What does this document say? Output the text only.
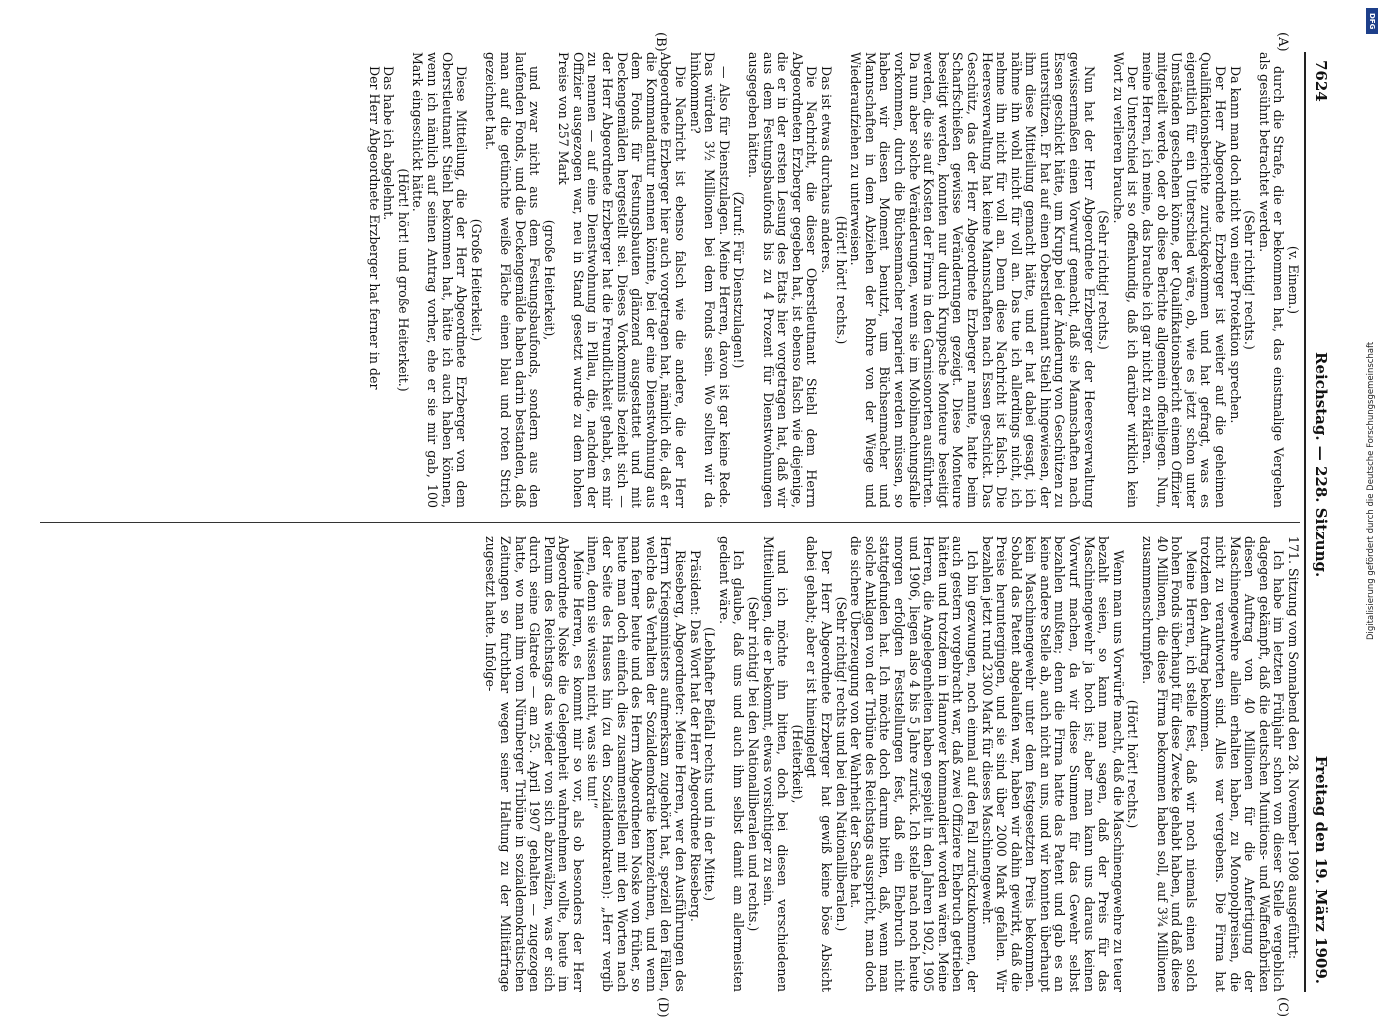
7624
Reichstag. — 228. Sitzung.
Freitag den 19. März 1909.
(A)
(B)
(C)
(D)

(v. Einem.)

durch die Strafe, die er bekommen hat, das einstmalige Vergehen als gesühnt betrachtet werden.

(Sehr richtig! rechts.)

Da kann man doch nicht von einer Protektion sprechen.

Der Herr Abgeordnete Erzberger ist weiter auf die geheimen Qualifikationsberichte zurückgekommen und hat gefragt, was es eigentlich für ein Unterschied wäre, ob, wie es jetzt schon unter Umständen geschehen könne, der Qualifikationsbericht einem Offizier mitgeteilt werde, oder ob diese Berichte allgemein offenliegen. Nun, meine Herren, ich meine, das brauche ich gar nicht zu erklären.

Der Unterschied ist so offenkundig, daß ich darüber wirklich kein Wort zu verlieren brauche.

(Sehr richtig! rechts.)

Nun hat der Herr Abgeordnete Erzberger der Heeresverwaltung gewissermaßen einen Vorwurf gemacht, daß sie Mannschaften nach Essen geschickt hätte, um Krupp bei der Änderung von Geschützen zu unterstützen. Er hat auf einen Oberstleutnant Stiehl hingewiesen, der ihm diese Mitteilung gemacht hätte, und er hat dabei gesagt, ich nähme ihn wohl nicht für voll an. Das tue ich allerdings nicht, ich nehme ihn nicht für voll an. Denn diese Nachricht ist falsch. Die Heeresverwaltung hat keine Mannschaften nach Essen geschickt. Das Geschütz, das der Herr Abgeordnete Erzberger nannte, hatte beim Scharfschießen gewisse Veränderungen gezeigt. Diese Monteure beseitigt werden, konnten nur durch Kruppsche Monteure beseitigt werden, die sie auf Kosten der Firma in den Garnisonorten ausführten. Da nun aber solche Veränderungen, wenn sie im Mobilmachungsfalle vorkommen, durch die Büchsenmacher repariert werden müssen, so haben wir diesen Moment benutzt, um Büchsenmacher und Mannschaften in dem Abziehen der Rohre von der Wiege und Wiederaufziehen zu unterweisen.

(Hört! hört! rechts.)

Das ist etwas durchaus anderes.

Die Nachricht, die dieser Oberstleutnant Stiehl dem Herrn Abgeordneten Erzberger gegeben hat, ist ebenso falsch wie diejenige, die er in der ersten Lesung des Etats hier vorgetragen hat, daß wir aus dem Festungsbaufonds bis zu 4 Prozent für Dienstwohnungen ausgegeben hätten.

(Zuruf: Für Dienstzulagen!)

— Also für Dienstzulagen. Meine Herren, davon ist gar keine Rede. Das würden 3½ Millionen bei dem Fonds sein. Wo sollten wir da hinkommen?

Die Nachricht ist ebenso falsch wie die andere, die der Herr Abgeordnete Erzberger hier auch vorgetragen hat, nämlich die, daß er die Kommandantur nennen könnte, bei der eine Dienstwohnung aus dem Fonds für Festungsbauten glänzend ausgestattet und mit Deckengemälden hergestellt sei. Dieses Vorkommnis bezieht sich — der Herr Abgeordnete Erzberger hat die Freundlichkeit gehabt, es mir zu nennen — auf eine Dienstwohnung in Pillau, die, nachdem der Offizier ausgezogen war, neu in Stand gesetzt wurde zu dem hohen Preise von 257 Mark

(große Heiterkeit),

und zwar nicht aus dem Festungsbaufonds, sondern aus den laufenden Fonds, und die Deckengemälde haben darin bestanden, daß man auf die getünchte weiße Fläche einen blau und roten Strich gezeichnet hat.

(Große Heiterkeit.)

Diese Mitteilung, die der Herr Abgeordnete Erzberger von dem Oberstleutnant Stiehl bekommen hat, hätte ich auch haben können, wenn ich nämlich auf seinen Antrag vorher, ehe er sie mir gab, 100 Mark eingeschickt hätte.

(Hört! hört! und große Heiterkeit.)

Das habe ich abgelehnt.

Der Herr Abgeordnete Erzberger hat ferner in der

171. Sitzung vom Sonnabend den 28. November 1908 ausgeführt:

Ich habe im letzten Frühjahr schon von dieser Stelle vergeblich dagegen gekämpft, daß die deutschen Munitions- und Waffenfabriken diesen Auftrag von 40 Millionen für die Anfertigung der Maschinengewehre allein erhalten haben, zu Monopolpreisen, die nicht zu verantworten sind. Alles war vergebens. Die Firma hat trotzdem den Auftrag bekommen.

Meine Herren, ich stelle fest, daß wir noch niemals einen solch hohen Fonds überhaupt für diese Zwecke gehabt haben, und daß diese 40 Millionen, die diese Firma bekommen haben soll, auf 3¾ Millionen zusammenschrumpfen.

(Hört! hört! rechts.)

Wenn man uns Vorwürfe macht, daß die Maschinengewehre zu teuer bezahlt seien, so kann man sagen, daß der Preis für das Maschinengewehr ja hoch ist; aber man kann uns daraus keinen Vorwurf machen, da wir diese Summen für das Gewehr selbst bezahlen mußten; denn die Firma hatte das Patent und gab es an keine andere Stelle ab, auch nicht an uns, und wir konnten überhaupt kein Maschinengewehr unter dem festgesetzten Preis bekommen. Sobald das Patent abgelaufen war, haben wir dahin gewirkt, daß die Preise heruntergingen, und sie sind über 2000 Mark gefallen. Wir bezahlen jetzt rund 2300 Mark für dieses Maschinengewehr.

Ich bin gezwungen, noch einmal auf den Fall zurückzukommen, der auch gestern vorgebracht war, daß zwei Offiziere Ehebruch getrieben hätten und trotzdem in Hannover kommandiert worden wären. Meine Herren, die Angelegenheiten haben gespielt in den Jahren 1902, 1905 und 1906, liegen also 4 bis 5 Jahre zurück. Ich stelle nach noch heute morgen erfolgten Feststellungen fest, daß ein Ehebruch nicht stattgefunden hat. Ich möchte doch darum bitten, daß, wenn man solche Anklagen von der Tribüne des Reichstags ausspricht, man doch die sichere Überzeugung von der Wahrheit der Sache hat.

(Sehr richtig! rechts und bei den Nationalliberalen.)

Der Herr Abgeordnete Erzberger hat gewiß keine böse Absicht dabei gehabt; aber er ist hineingelegt

(Heiterkeit),

und ich möchte ihn bitten, doch bei diesen verschiedenen Mitteilungen, die er bekommt, etwas vorsichtiger zu sein.

(Sehr richtig! bei den Nationalliberalen und rechts.)

Ich glaube, daß uns und auch ihm selbst damit am allermeisten gedient wäre.

(Lebhafter Beifall rechts und in der Mitte.)

Präsident: Das Wort hat der Herr Abgeordnete Rieseberg.

Rieseberg, Abgeordneter: Meine Herren, wer den Ausführungen des Herrn Kriegsministers aufmerksam zugehört hat, speziell den Fällen, welche das Verhalten der Sozialdemokratie kennzeichnen, und wenn man ferner heute und des Herrn Abgeordneten Noske von früher, so heute man doch einfach dies zusammenstellen mit den Worten nach der Seite des Hauses hin (zu den Sozialdemokraten): „Herr vergib ihnen, denn sie wissen nicht, was sie tun!“

Meine Herren, es kommt mir so vor, als ob besonders der Herr Abgeordnete Noske die Gelegenheit wahrnehmen wollte, heute im Plenum des Reichstags das wieder von sich abzuwälzen, was er sich durch seine Glatrede — am 25. April 1907 gehalten — zugezogen hatte, wo man ihm vom Nürnberger Tribüne in sozialdemokratischen Zeitungen so furchtbar wegen seiner Haltung zu der Militärfrage zugesetzt hatte. Infolge-

DFG
Digitalisierung gefördert durch die Deutsche Forschungsgemeinschaft
